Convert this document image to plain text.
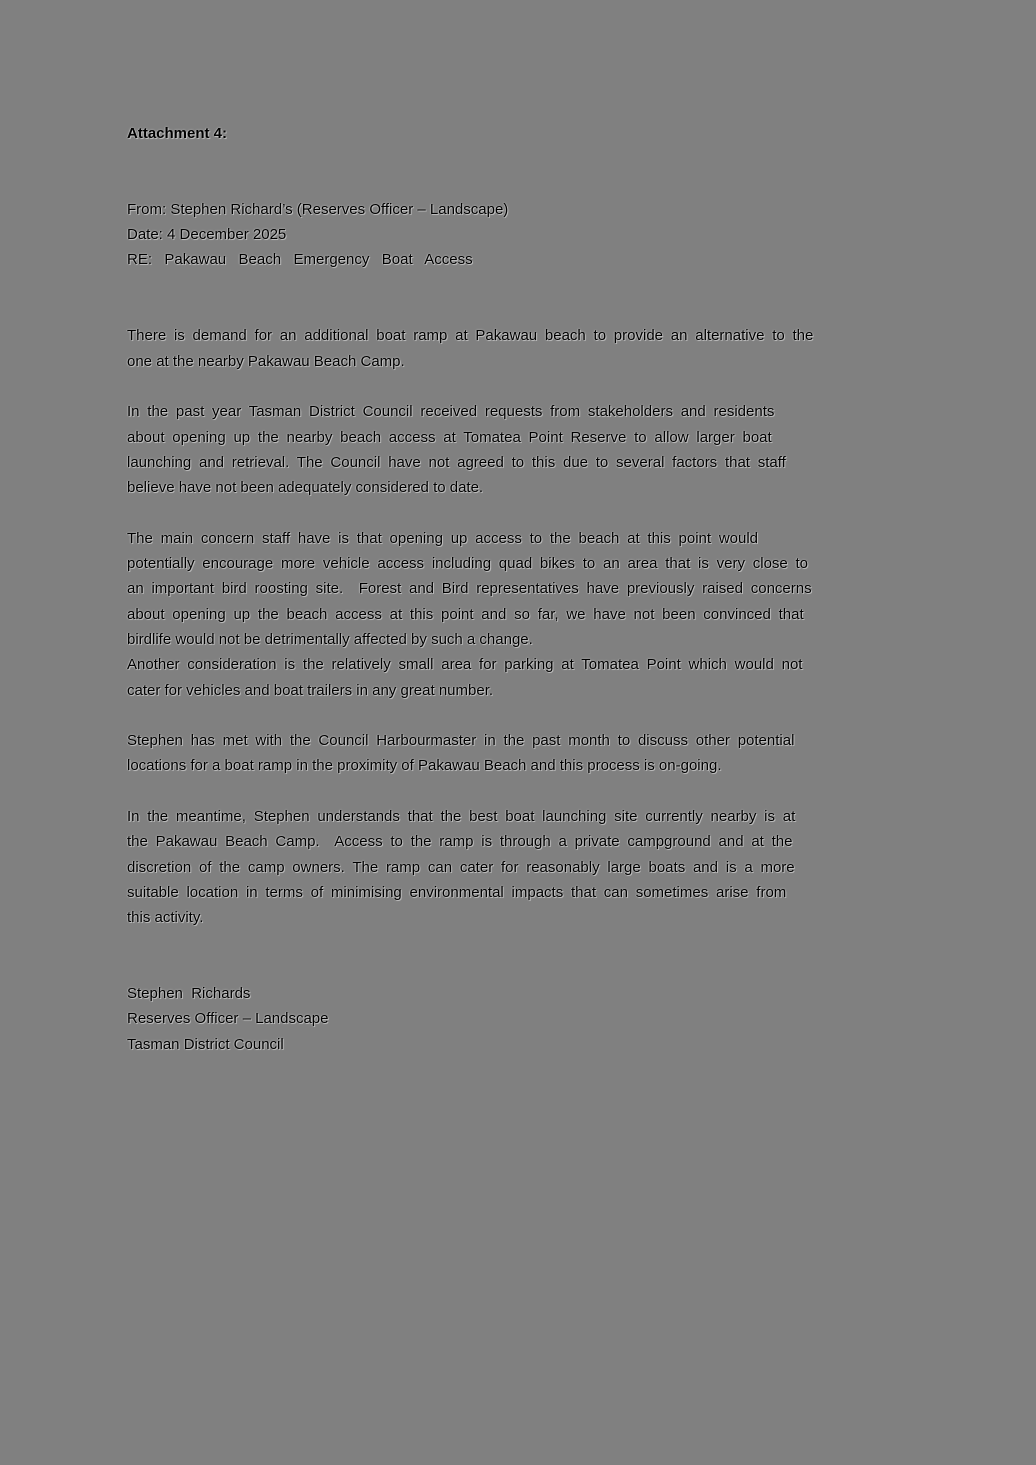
Attachment 4:
From: Stephen Richard’s (Reserves Officer – Landscape)
Date: 4 December 2025
RE: Pakawau Beach Emergency Boat Access
There is demand for an additional boat ramp at Pakawau beach to provide an alternative to the
one at the nearby Pakawau Beach Camp.
In the past year Tasman District Council received requests from stakeholders and residents
about opening up the nearby beach access at Tomatea Point Reserve to allow larger boat
launching and retrieval. The Council have not agreed to this due to several factors that staff
believe have not been adequately considered to date.
The main concern staff have is that opening up access to the beach at this point would
potentially encourage more vehicle access including quad bikes to an area that is very close to
an important bird roosting site.  Forest and Bird representatives have previously raised concerns
about opening up the beach access at this point and so far, we have not been convinced that
birdlife would not be detrimentally affected by such a change.
Another consideration is the relatively small area for parking at Tomatea Point which would not
cater for vehicles and boat trailers in any great number.
Stephen has met with the Council Harbourmaster in the past month to discuss other potential
locations for a boat ramp in the proximity of Pakawau Beach and this process is on-going.
In the meantime, Stephen understands that the best boat launching site currently nearby is at
the Pakawau Beach Camp.  Access to the ramp is through a private campground and at the
discretion of the camp owners. The ramp can cater for reasonably large boats and is a more
suitable location in terms of minimising environmental impacts that can sometimes arise from
this activity.
Stephen  Richards
Reserves Officer – Landscape
Tasman District Council
